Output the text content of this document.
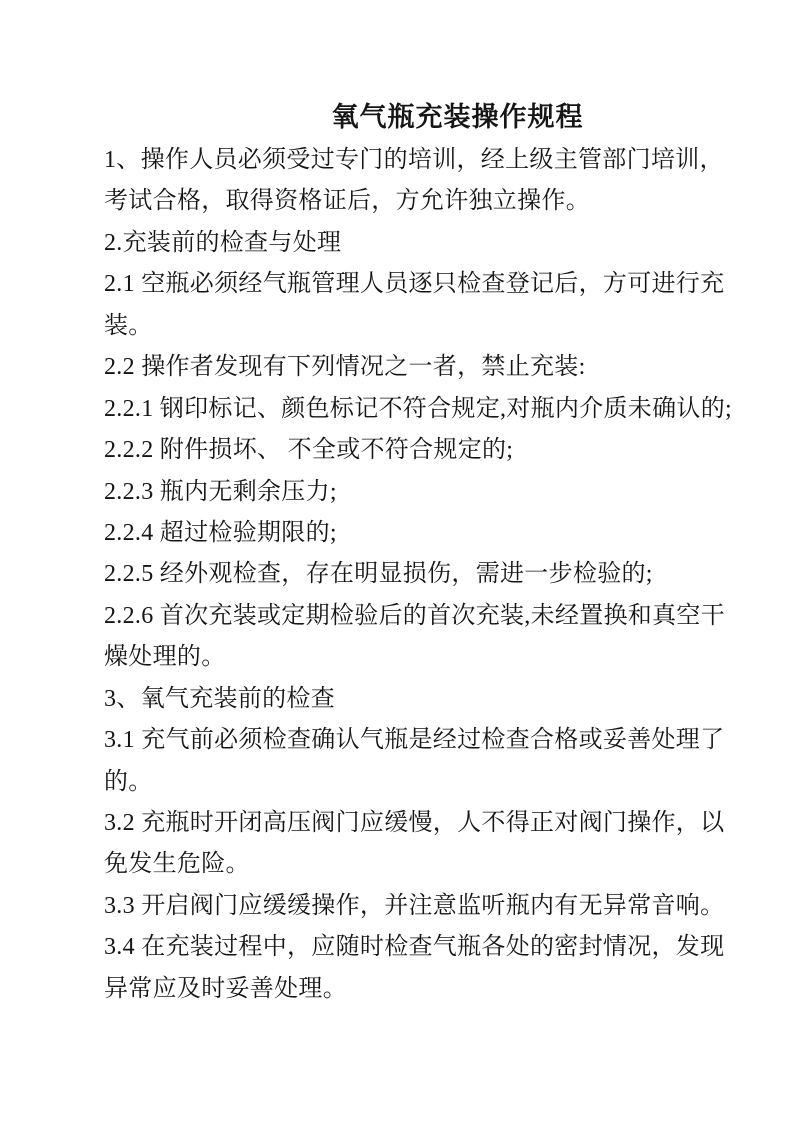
氧气瓶充装操作规程

1、操作人员必须受过专门的培训，经上级主管部门培训，
考试合格，取得资格证后，方允许独立操作。

2.充装前的检查与处理

2.1 空瓶必须经气瓶管理人员逐只检查登记后，方可进行充
装。

2.2 操作者发现有下列情况之一者，禁止充装:

2.2.1 钢印标记、颜色标记不符合规定,对瓶内介质未确认的;

2.2.2 附件损坏、 不全或不符合规定的;

2.2.3 瓶内无剩余压力;

2.2.4 超过检验期限的;

2.2.5 经外观检查，存在明显损伤，需进一步检验的;

2.2.6 首次充装或定期检验后的首次充装,未经置换和真空干
燥处理的。

3、氧气充装前的检查

3.1 充气前必须检查确认气瓶是经过检查合格或妥善处理了
的。

3.2 充瓶时开闭高压阀门应缓慢，人不得正对阀门操作，以
免发生危险。

3.3 开启阀门应缓缓操作，并注意监听瓶内有无异常音响。

3.4 在充装过程中，应随时检查气瓶各处的密封情况，发现
异常应及时妥善处理。
